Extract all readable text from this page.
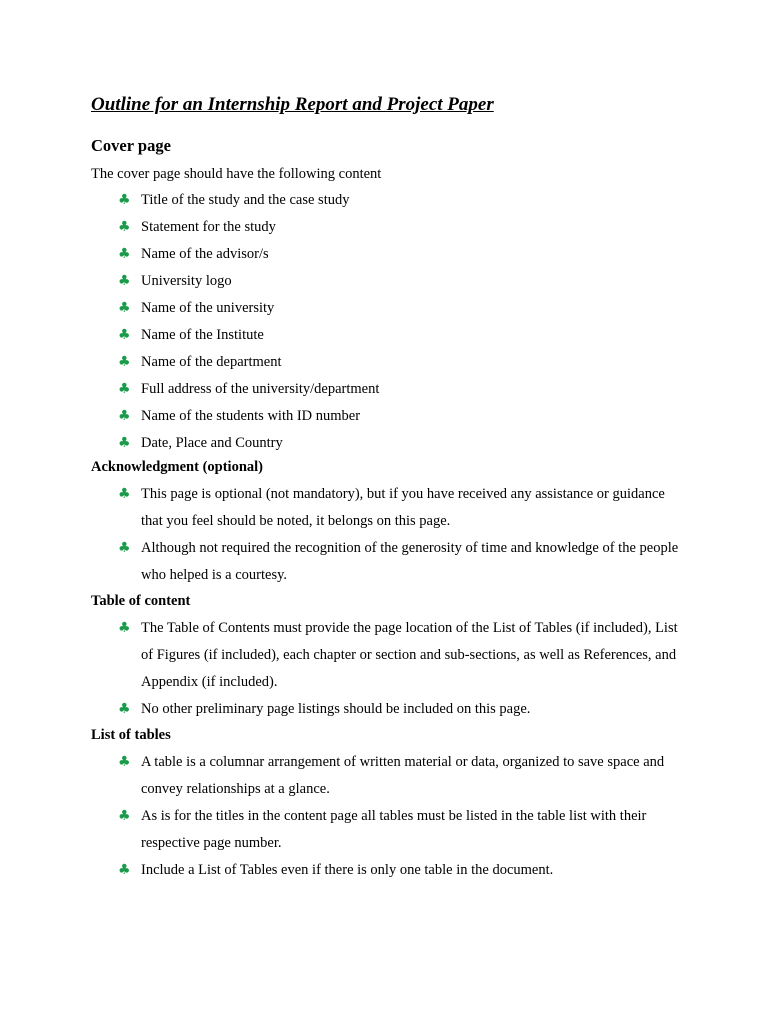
Outline for an Internship Report and Project Paper
Cover page

The cover page should have the following content

♣ Title of the study and the case study
♣ Statement for the study
♣ Name of the advisor/s
♣ University logo
♣ Name of the university
♣ Name of the Institute
♣ Name of the department
♣ Full address of the university/department
♣ Name of the students with ID number
♣ Date, Place and Country
Acknowledgment (optional)
♣ This page is optional (not mandatory), but if you have received any assistance or guidance that you feel should be noted, it belongs on this page.
♣ Although not required the recognition of the generosity of time and knowledge of the people who helped is a courtesy.
Table of content
♣ The Table of Contents must provide the page location of the List of Tables (if included), List of Figures (if included), each chapter or section and sub-sections, as well as References, and Appendix (if included).
♣ No other preliminary page listings should be included on this page.
List of tables
♣ A table is a columnar arrangement of written material or data, organized to save space and convey relationships at a glance.
♣ As is for the titles in the content page all tables must be listed in the table list with their respective page number.
♣ Include a List of Tables even if there is only one table in the document.
